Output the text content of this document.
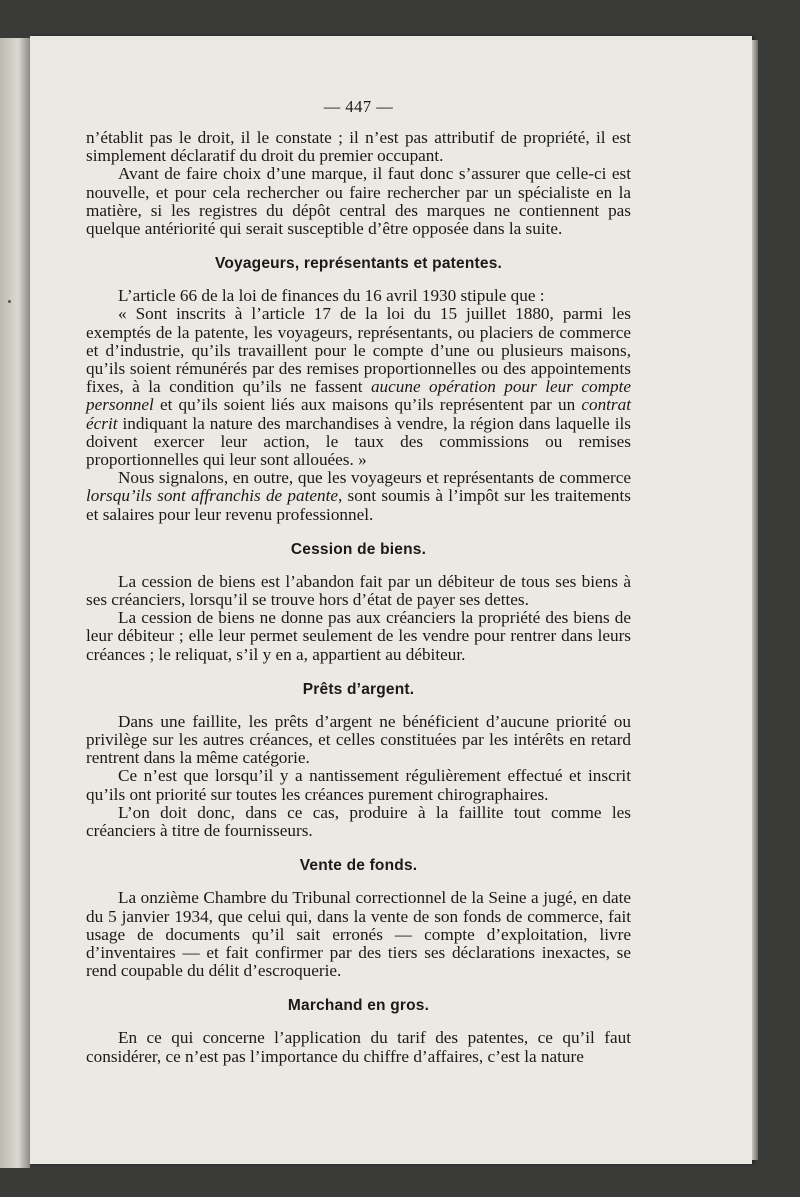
— 447 —

n’établit pas le droit, il le constate ; il n’est pas attributif de propriété, il est simplement déclaratif du droit du premier occupant.

Avant de faire choix d’une marque, il faut donc s’assurer que celle-ci est nouvelle, et pour cela rechercher ou faire rechercher par un spécialiste en la matière, si les registres du dépôt central des marques ne contiennent pas quelque antériorité qui serait susceptible d’être opposée dans la suite.

Voyageurs, représentants et patentes.

L’article 66 de la loi de finances du 16 avril 1930 stipule que :

« Sont inscrits à l’article 17 de la loi du 15 juillet 1880, parmi les exemptés de la patente, les voyageurs, représentants, ou placiers de commerce et d’industrie, qu’ils travaillent pour le compte d’une ou plusieurs maisons, qu’ils soient rémunérés par des remises proportionnelles ou des appointements fixes, à la condition qu’ils ne fassent aucune opération pour leur compte personnel et qu’ils soient liés aux maisons qu’ils représentent par un contrat écrit indiquant la nature des marchandises à vendre, la région dans laquelle ils doivent exercer leur action, le taux des commissions ou remises proportionnelles qui leur sont allouées. »

Nous signalons, en outre, que les voyageurs et représentants de commerce lorsqu’ils sont affranchis de patente, sont soumis à l’impôt sur les traitements et salaires pour leur revenu professionnel.

Cession de biens.

La cession de biens est l’abandon fait par un débiteur de tous ses biens à ses créanciers, lorsqu’il se trouve hors d’état de payer ses dettes.

La cession de biens ne donne pas aux créanciers la propriété des biens de leur débiteur ; elle leur permet seulement de les vendre pour rentrer dans leurs créances ; le reliquat, s’il y en a, appartient au débiteur.

Prêts d’argent.

Dans une faillite, les prêts d’argent ne bénéficient d’aucune priorité ou privilège sur les autres créances, et celles constituées par les intérêts en retard rentrent dans la même catégorie.

Ce n’est que lorsqu’il y a nantissement régulièrement effectué et inscrit qu’ils ont priorité sur toutes les créances purement chirographaires.

L’on doit donc, dans ce cas, produire à la faillite tout comme les créanciers à titre de fournisseurs.

Vente de fonds.

La onzième Chambre du Tribunal correctionnel de la Seine a jugé, en date du 5 janvier 1934, que celui qui, dans la vente de son fonds de commerce, fait usage de documents qu’il sait erronés — compte d’exploitation, livre d’inventaires — et fait confirmer par des tiers ses déclarations inexactes, se rend coupable du délit d’escroquerie.

Marchand en gros.

En ce qui concerne l’application du tarif des patentes, ce qu’il faut considérer, ce n’est pas l’importance du chiffre d’affaires, c’est la nature
